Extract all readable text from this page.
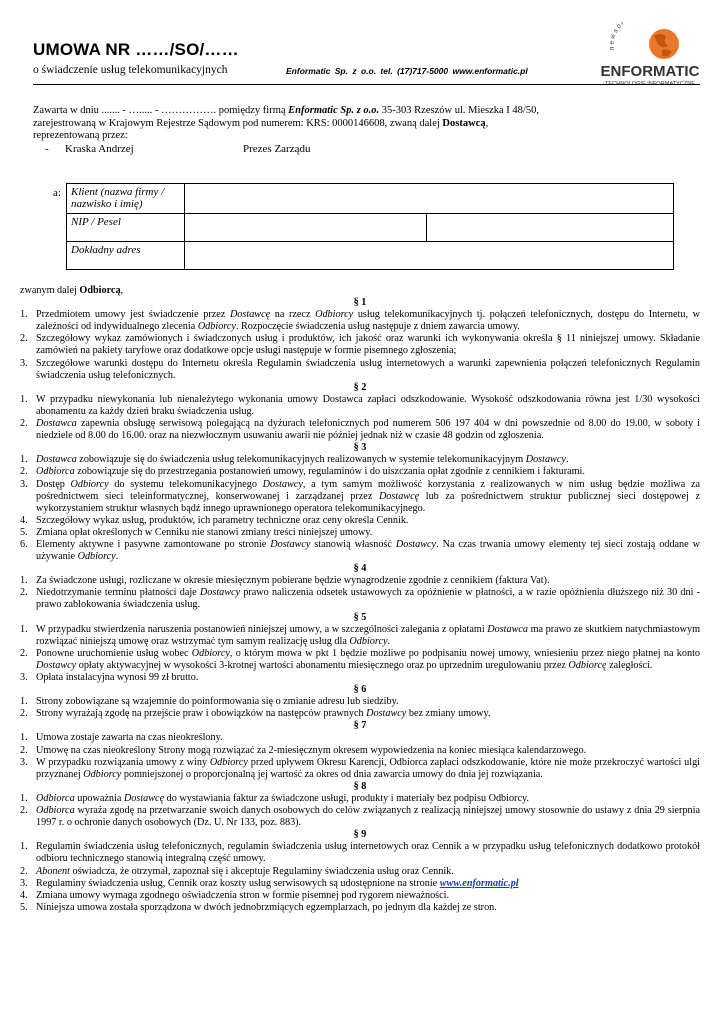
UMOWA NR ……/SO/……
o świadczenie usług telekomunikacyjnych	Enformatic Sp. z o.o. tel. (17)717-5000 www.enformatic.pl
n e w s o l
ENFORMATIC
TECHNOLOGIE INFORMATYCZNE
Zawarta w dniu ....... - …..... - ……………. pomiędzy firmą Enformatic Sp. z o.o. 35-303 Rzeszów ul. Mieszka I 48/50,
zarejestrowaną w Krajowym Rejestrze Sądowym pod numerem: KRS: 0000146608, zwaną dalej Dostawcą,
reprezentowaną przez:
- Kraska Andrzej	Prezes Zarządu
a: Klient (nazwa firmy / nazwisko i imię)		
NIP / Pesel		
Dokładny adres		

zwanym dalej Odbiorcą,

§ 1

1. Przedmiotem umowy jest świadczenie przez Dostawcę na rzecz Odbiorcy usług telekomunikacyjnych tj. połączeń telefonicznych, dostępu do Internetu, w zależności od indywidualnego zlecenia Odbiorcy. Rozpoczęcie świadczenia usług następuje z dniem zawarcia umowy.
2. Szczegółowy wykaz zamówionych i świadczonych usług i produktów, ich jakość oraz warunki ich wykonywania określa § 11 niniejszej umowy. Składanie zamówień na pakiety taryfowe oraz dodatkowe opcje usługi następuje w formie pisemnego zgłoszenia;
3. Szczegółowe warunki dostępu do Internetu określa Regulamin świadczenia usług internetowych a warunki zapewnienia połączeń telefonicznych Regulamin świadczenia usług telefonicznych.

§ 2

1. W przypadku niewykonania lub nienależytego wykonania umowy Dostawca zapłaci odszkodowanie. Wysokość odszkodowania równa jest 1/30 wysokości abonamentu za każdy dzień braku świadczenia usług.
2. Dostawca zapewnia obsługę serwisową polegającą na dyżurach telefonicznych pod numerem 506 197 404 w dni powszednie od 8.00 do 19.00, w soboty i niedziele od 8.00 do 16.00. oraz na niezwłocznym usuwaniu awarii nie później jednak niż w czasie 48 godzin od zgłoszenia.

§ 3

1. Dostawca zobowiązuje się do świadczenia usług telekomunikacyjnych realizowanych w systemie telekomunikacyjnym Dostawcy.
2. Odbiorca zobowiązuje się do przestrzegania postanowień umowy, regulaminów i do uiszczania opłat zgodnie z cennikiem i fakturami.
3. Dostęp Odbiorcy do systemu telekomunikacyjnego Dostawcy, a tym samym możliwość korzystania z realizowanych w nim usług będzie możliwa za pośrednictwem sieci teleinformatycznej, konserwowanej i zarządzanej przez Dostawcę lub za pośrednictwem struktur publicznej sieci dostępowej z wykorzystaniem struktur własnych bądź innego uprawnionego operatora telekomunikacyjnego.
4. Szczegółowy wykaz usług, produktów, ich parametry techniczne oraz ceny określa Cennik.
5. Zmiana opłat określonych w Cenniku nie stanowi zmiany treści niniejszej umowy.
6. Elementy aktywne i pasywne zamontowane po stronie Dostawcy stanowią własność Dostawcy. Na czas trwania umowy elementy tej sieci zostają oddane w używanie Odbiorcy.

§ 4

1. Za świadczone usługi, rozliczane w okresie miesięcznym pobierane będzie wynagrodzenie zgodnie z cennikiem (faktura Vat).
2. Niedotrzymanie terminu płatności daje Dostawcy prawo naliczenia odsetek ustawowych za opóźnienie w płatności, a w razie opóźnienia dłuższego niż 30 dni - prawo zablokowania świadczenia usług.

§ 5

1. W przypadku stwierdzenia naruszenia postanowień niniejszej umowy, a w szczególności zalegania z opłatami Dostawca ma prawo ze skutkiem natychmiastowym rozwiązać niniejszą umowę oraz wstrzymać tym samym realizację usług dla Odbiorcy.
2. Ponowne uruchomienie usług wobec Odbiorcy, o którym mowa w pkt 1 będzie możliwe po podpisaniu nowej umowy, wniesieniu przez niego płatnej na konto Dostawcy opłaty aktywacyjnej w wysokości 3-krotnej wartości abonamentu miesięcznego oraz po uprzednim uregulowaniu przez Odbiorcę zaległości.
3. Opłata instalacyjna wynosi 99 zł brutto.

§ 6

1. Strony zobowiązane są wzajemnie do poinformowania się o zmianie adresu lub siedziby.
2. Strony wyrażają zgodę na przejście praw i obowiązków na następców prawnych Dostawcy bez zmiany umowy.

§ 7

1. Umowa zostaje zawarta na czas nieokreślony.
2. Umowę na czas nieokreślony Strony mogą rozwiązać za 2-miesięcznym okresem wypowiedzenia na koniec miesiąca kalendarzowego.
3. W przypadku rozwiązania umowy z winy Odbiorcy przed upływem Okresu Karencji, Odbiorca zapłaci odszkodowanie, które nie może przekroczyć wartości ulgi przyznanej Odbiorcy pomniejszonej o proporcjonalną jej wartość za okres od dnia zawarcia umowy do dnia jej rozwiązania.

§ 8

1. Odbiorca upoważnia Dostawcę do wystawiania faktur za świadczone usługi, produkty i materiały bez podpisu Odbiorcy.
2. Odbiorca wyraża zgodę na przetwarzanie swoich danych osobowych do celów związanych z realizacją niniejszej umowy stosownie do ustawy z dnia 29 sierpnia 1997 r. o ochronie danych osobowych (Dz. U. Nr 133, poz. 883).

§ 9

1. Regulamin świadczenia usług telefonicznych, regulamin świadczenia usług internetowych oraz Cennik a w przypadku usług telefonicznych dodatkowo protokół odbioru technicznego stanowią integralną część umowy.
2. Abonent oświadcza, że otrzymał, zapoznał się i akceptuje Regulaminy świadczenia usług oraz Cennik.
3. Regulaminy świadczenia usług, Cennik oraz koszty usług serwisowych są udostępnione na stronie www.enformatic.pl
4. Zmiana umowy wymaga zgodnego oświadczenia stron w formie pisemnej pod rygorem nieważności.
5. Niniejsza umowa została sporządzona w dwóch jednobrzmiących egzemplarzach, po jednym dla każdej ze stron.
